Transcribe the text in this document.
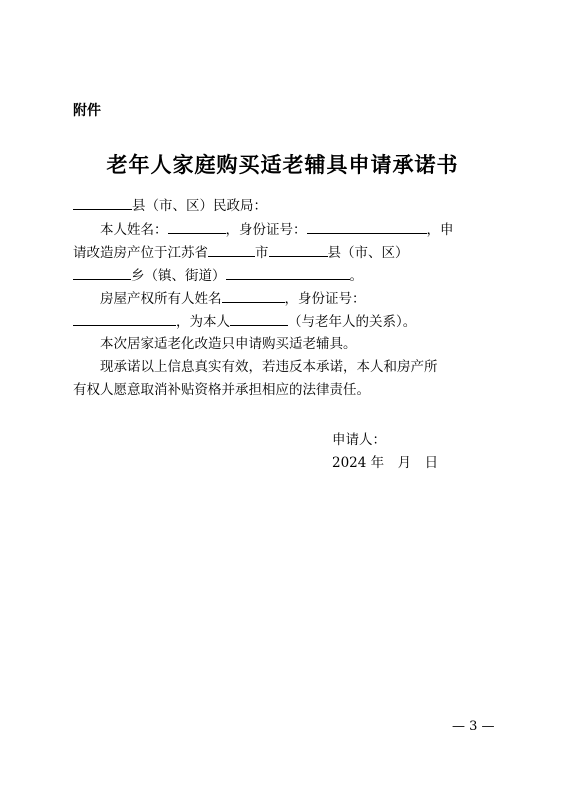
附件
老年人家庭购买适老辅具申请承诺书
县（市、区）民政局：
本人姓名：	，身份证号：	，申
请改造房产位于江苏省	市	县（市、区）
乡（镇、街道）	。
房屋产权所有人姓名	，身份证号：
，为本人	（与老年人的关系）。
本次居家适老化改造只申请购买适老辅具。
现承诺以上信息真实有效，若违反本承诺，本人和房产所
有权人愿意取消补贴资格并承担相应的法律责任。
申请人：
2024 年　月　日
— 3 —
